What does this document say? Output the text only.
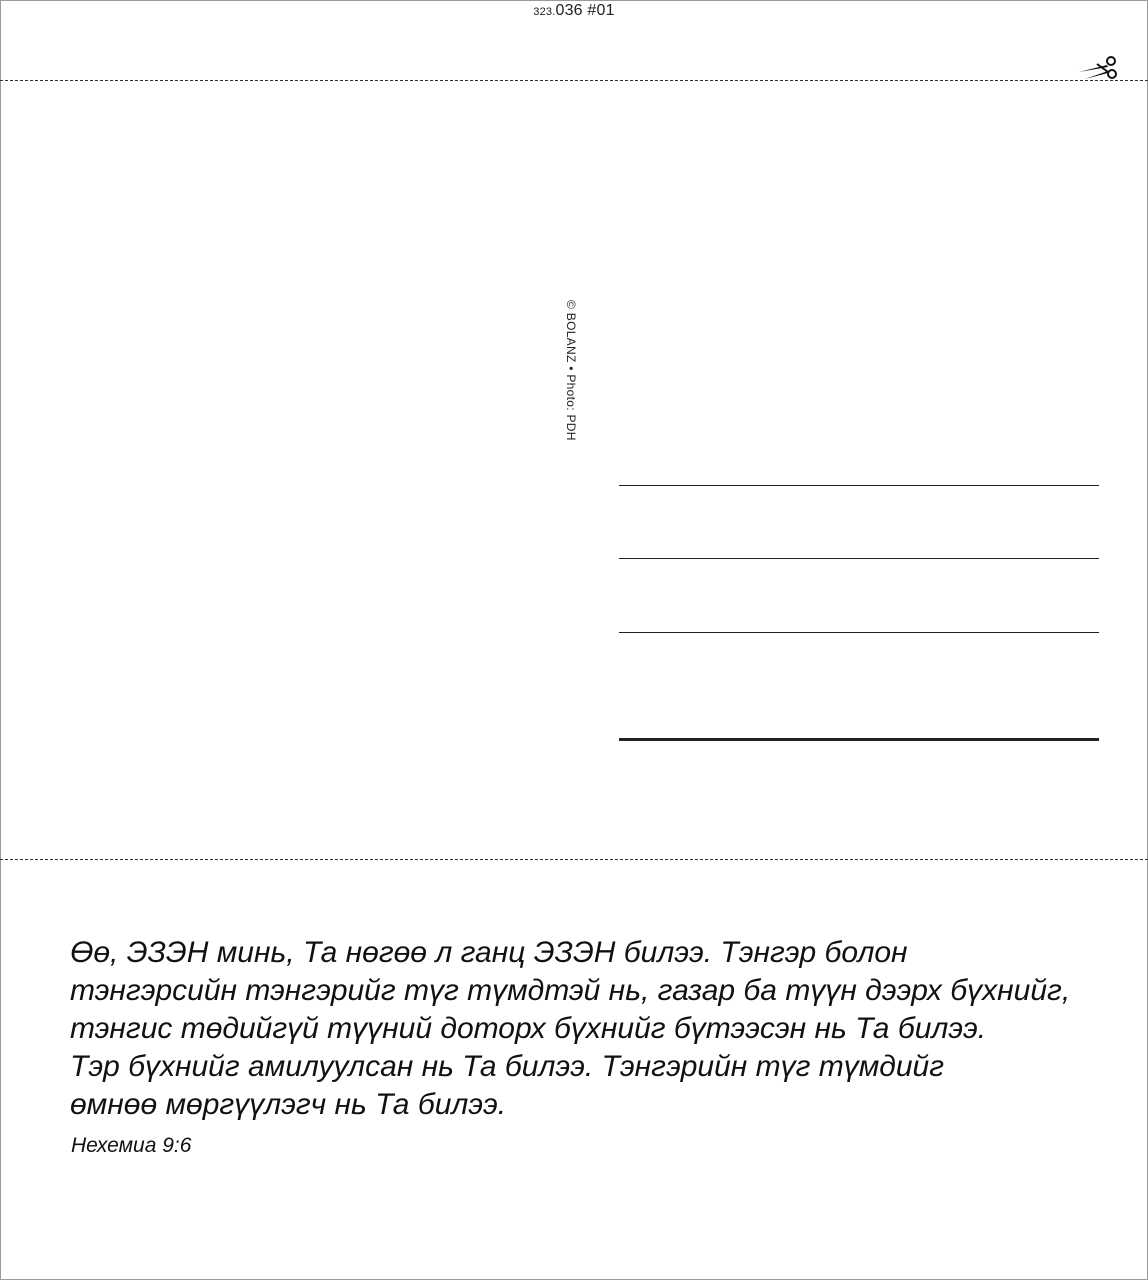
323.036 #01
© BOLANZ • Photo: PDH
Өө, ЭЗЭН минь, Та нөгөө л ганц ЭЗЭН билээ. Тэнгэр болон
тэнгэрсийн тэнгэрийг түг түмдтэй нь, газар ба түүн дээрх бүхнийг,
тэнгис төдийгүй түүний доторх бүхнийг бүтээсэн нь Та билээ.
Тэр бүхнийг амилуулсан нь Та билээ. Тэнгэрийн түг түмдийг
өмнөө мөргүүлэгч нь Та билээ.
Нехемиа 9:6
